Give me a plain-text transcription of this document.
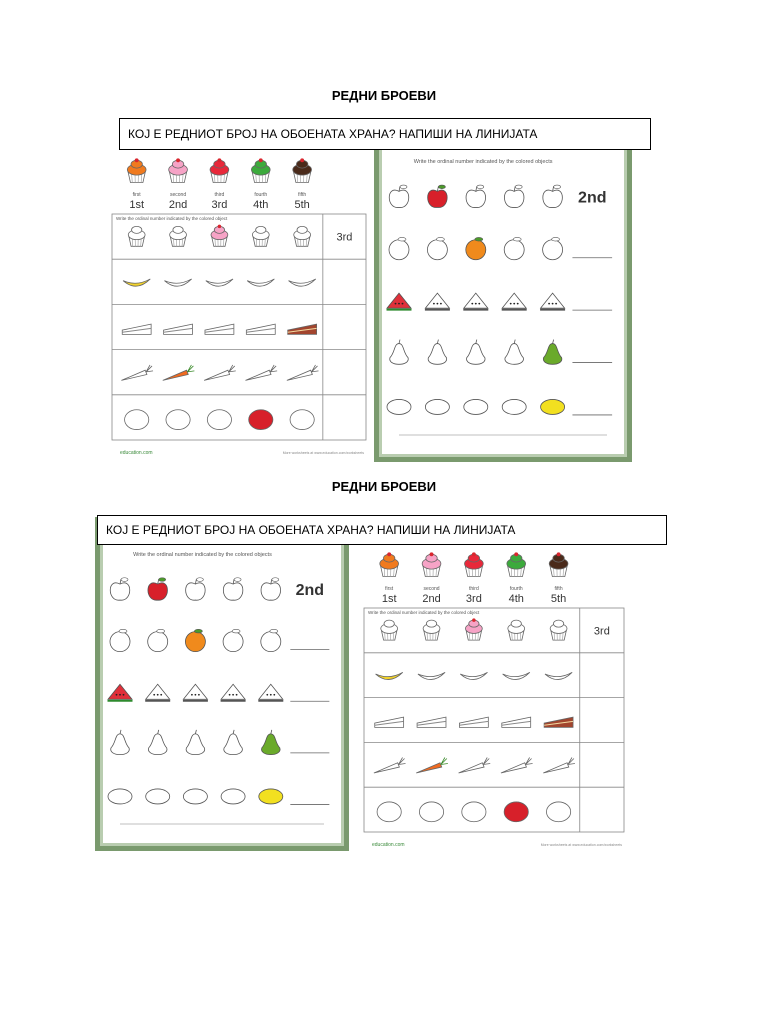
РЕДНИ БРОЕВИ
first
1st
second
2nd
third
3rd
fourth
4th
fifth
5th
Write the ordinal number indicated by the colored object
3rd
education.com	More worksheets at www.education.com/worksheets
Write the ordinal number indicated by the colored objects
2nd
КОЈ Е РЕДНИОТ БРОЈ НА ОБОЕНАТА ХРАНА? НАПИШИ НА ЛИНИЈАТА
РЕДНИ БРОЕВИ
Write the ordinal number indicated by the colored objects
2nd	first
1st
second
2nd
third
3rd
fourth
4th
fifth
5th
Write the ordinal number indicated by the colored object
3rd
education.com	More worksheets at www.education.com/worksheets
КОЈ Е РЕДНИОТ БРОЈ НА ОБОЕНАТА ХРАНА? НАПИШИ НА ЛИНИЈАТА
